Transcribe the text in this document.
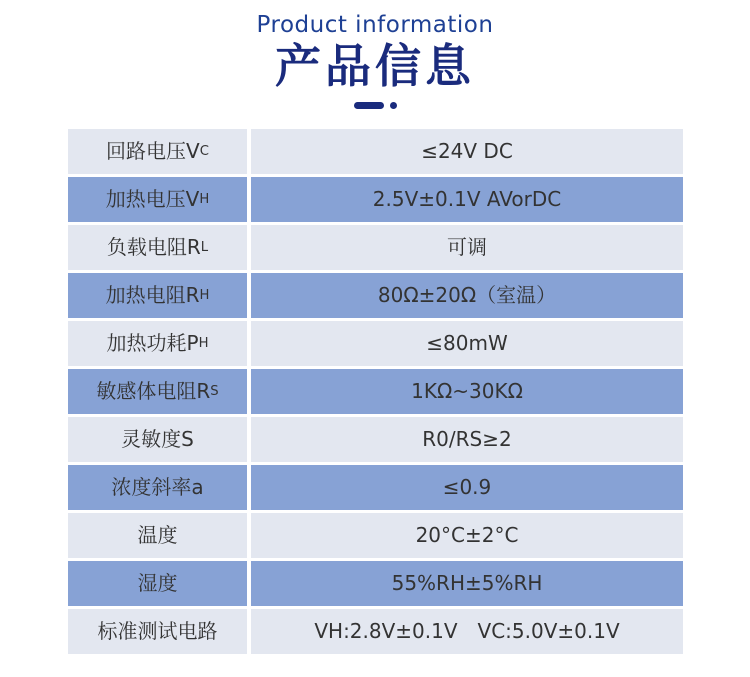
Product information
产品信息
回路电压V C	≤24V DC
加热电压V H	2.5V±0.1V AVorDC
负载电阻R L	可调
加热电阻R H	80Ω±20Ω（室温）
加热功耗P H	≤80mW
敏感体电阻R S	1KΩ~30KΩ
灵敏度S	R0/RS≥2
浓度斜率a	≤0.9
温度	20°C±2°C
湿度	55%RH±5%RH
标准测试电路	VH:2.8V±0.1V　VC:5.0V±0.1V
